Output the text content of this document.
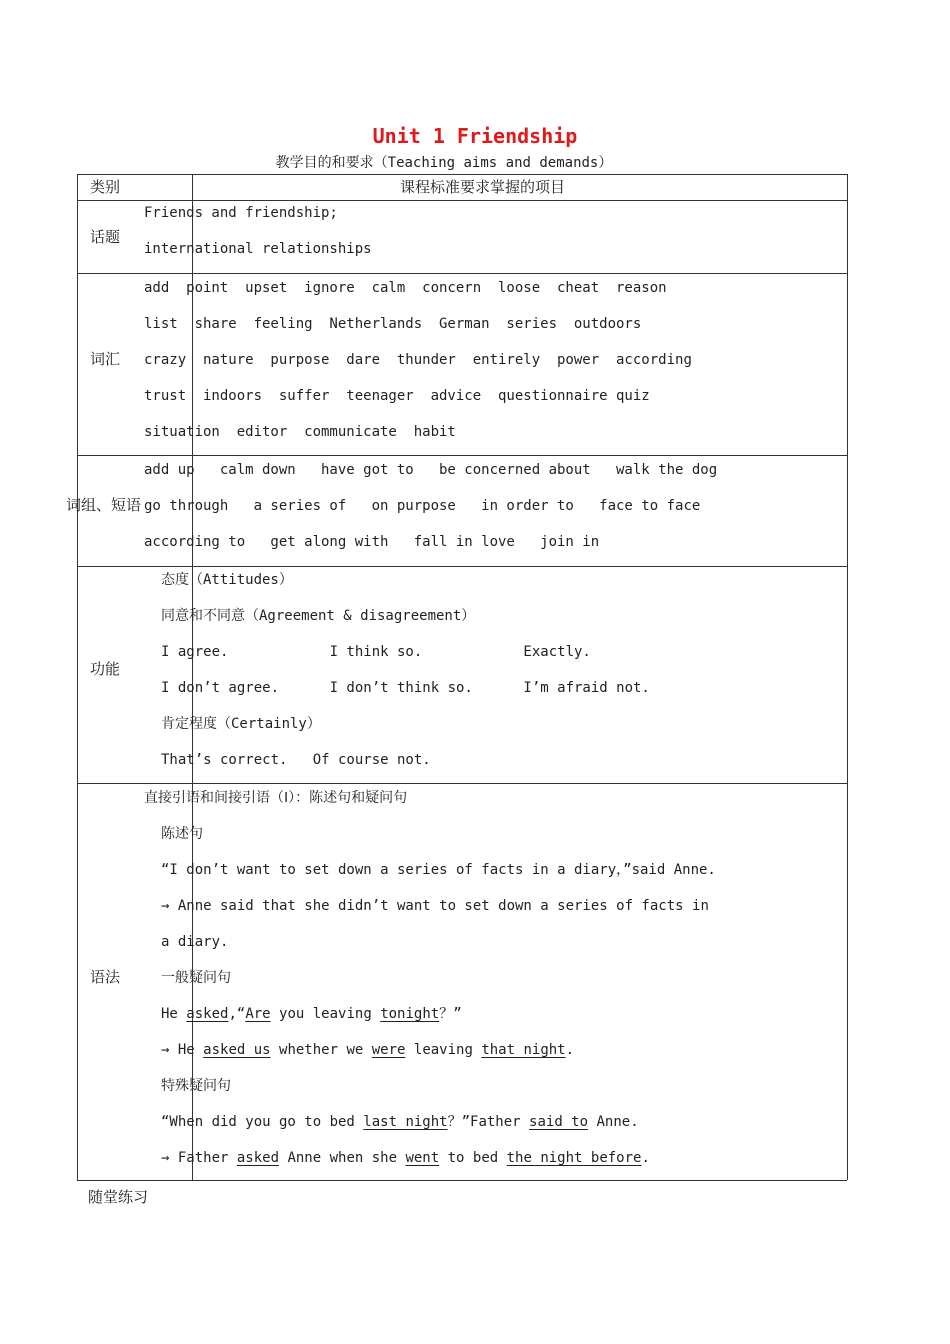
Unit 1 Friendship
教学目的和要求（Teaching aims and demands）
类别	课程标准要求掌握的项目
话题
Friends and friendship;
international relationships
词汇
add  point  upset  ignore  calm  concern  loose  cheat  reason
list  share  feeling  Netherlands  German  series  outdoors
crazy  nature  purpose  dare  thunder  entirely  power  according
trust  indoors  suffer  teenager  advice  questionnaire quiz
situation  editor  communicate  habit
词组、短语
add up   calm down   have got to   be concerned about   walk the dog
go through   a series of   on purpose   in order to   face to face
according to   get along with   fall in love   join in
功能
态度（Attitudes）
同意和不同意（Agreement & disagreement）
I agree.            I think so.            Exactly.
I don’t agree.      I don’t think so.      I’m afraid not.
肯定程度（Certainly）
That’s correct.   Of course not.
语法
直接引语和间接引语（Ⅰ）：陈述句和疑问句
陈述句
“I don’t want to set down a series of facts in a diary，”said Anne.
→ Anne said that she didn’t want to set down a series of facts in
a diary.
一般疑问句
He asked,“Are you leaving tonight？”
→ He asked us whether we were leaving that night.
特殊疑问句
“When did you go to bed last night？”Father said to Anne.
→ Father asked Anne when she went to bed the night before.
随堂练习
